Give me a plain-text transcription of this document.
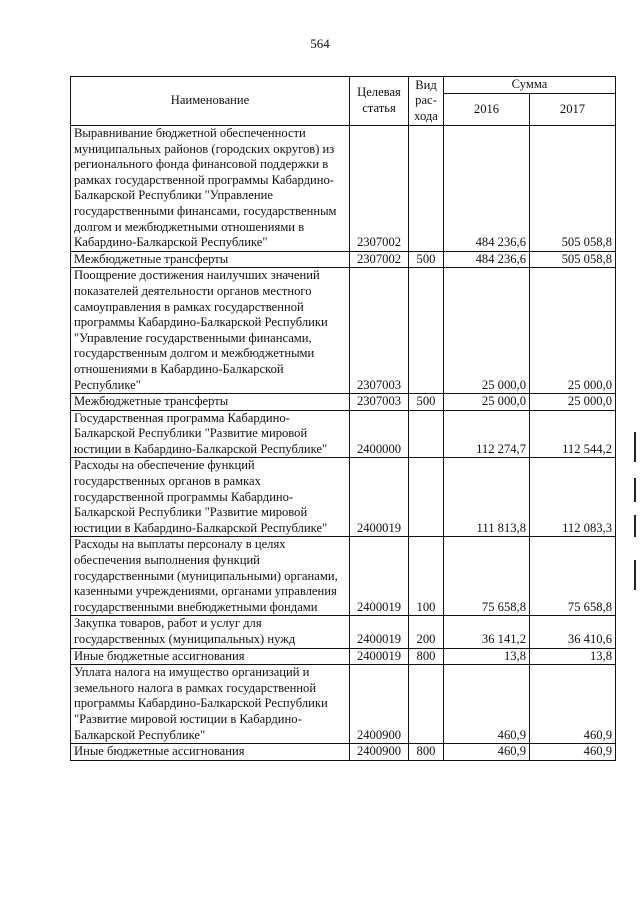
564
Наименование	Целевая статья	Вид рас-хода	Сумма	
			2016	2017
Выравнивание бюджетной обеспеченности муниципальных районов (городских округов) из регионального фонда финансовой поддержки в рамках государственной программы Кабардино-Балкарской Республики "Управление государственными финансами, государственным долгом и межбюджетными отношениями в Кабардино-Балкарской Республике"	2307002		484 236,6	505 058,8
Межбюджетные трансферты	2307002	500	484 236,6	505 058,8
Поощрение достижения наилучших значений показателей деятельности органов местного самоуправления в рамках государственной программы Кабардино-Балкарской Республики "Управление государственными финансами, государственным долгом и межбюджетными отношениями в Кабардино-Балкарской Республике"	2307003		25 000,0	25 000,0
Межбюджетные трансферты	2307003	500	25 000,0	25 000,0
Государственная программа Кабардино-Балкарской Республики "Развитие мировой юстиции в Кабардино-Балкарской Республике"	2400000		112 274,7	112 544,2
Расходы на обеспечение функций государственных органов в рамках государственной программы Кабардино-Балкарской Республики "Развитие мировой юстиции в Кабардино-Балкарской Республике"	2400019		111 813,8	112 083,3
Расходы на выплаты персоналу в целях обеспечения выполнения функций государственными (муниципальными) органами, казенными учреждениями, органами управления государственными внебюджетными фондами	2400019	100	75 658,8	75 658,8
Закупка товаров, работ и услуг для государственных (муниципальных) нужд	2400019	200	36 141,2	36 410,6
Иные бюджетные ассигнования	2400019	800	13,8	13,8
Уплата налога на имущество организаций и земельного налога в рамках государственной программы Кабардино-Балкарской Республики "Развитие мировой юстиции в Кабардино-Балкарской Республике"	2400900		460,9	460,9
Иные бюджетные ассигнования	2400900	800	460,9	460,9
